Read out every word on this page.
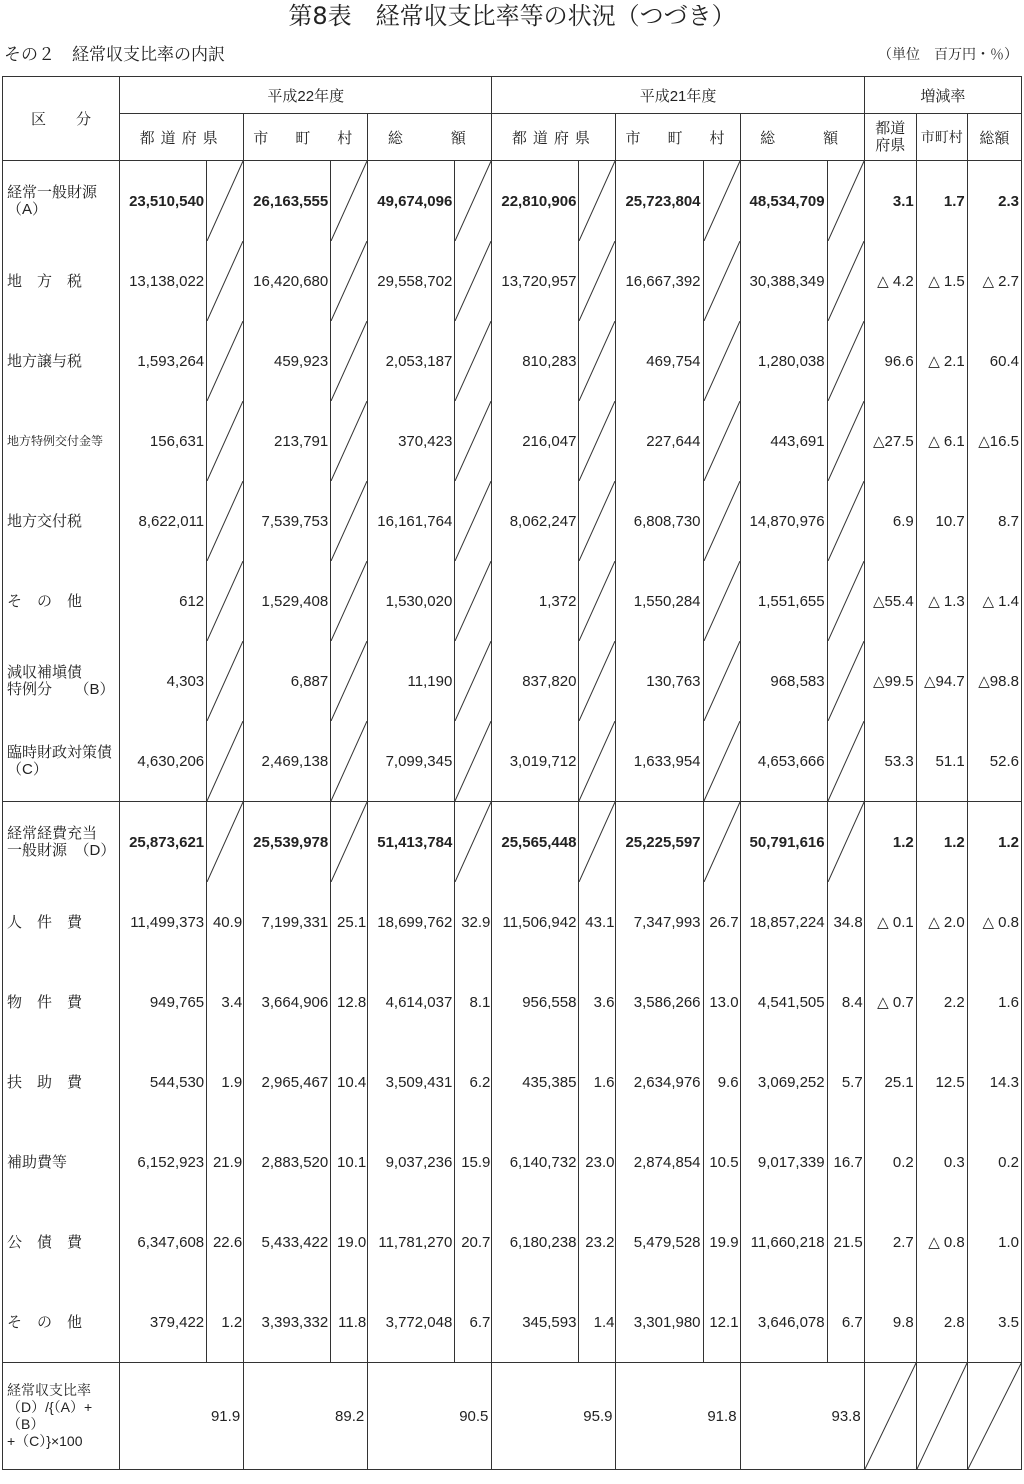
第8表　経常収支比率等の状況（つづき）
その２　経常収支比率の内訳	（単位　百万円・％）
区　　分	平成22年度						平成21年度						増減率		
	都道府県		市　町　村		総　　額		都道府県		市　町　村		総　　額		都道
府県	市町村	総額
経常一般財源（A）	23,510,540		26,163,555		49,674,096		22,810,906		25,723,804		48,534,709		3.1	1.7	2.3
地　方　税	13,138,022		16,420,680		29,558,702		13,720,957		16,667,392		30,388,349		△ 4.2	△ 1.5	△ 2.7
地方譲与税	1,593,264		459,923		2,053,187		810,283		469,754		1,280,038		96.6	△ 2.1	60.4
地方特例交付金等	156,631		213,791		370,423		216,047		227,644		443,691		△27.5	△ 6.1	△16.5
地方交付税	8,622,011		7,539,753		16,161,764		8,062,247		6,808,730		14,870,976		6.9	10.7	8.7
そ　の　他	612		1,529,408		1,530,020		1,372		1,550,284		1,551,655		△55.4	△ 1.3	△ 1.4
減収補塡債
特例分　　（B）	4,303		6,887		11,190		837,820		130,763		968,583		△99.5	△94.7	△98.8
臨時財政対策債（C）	4,630,206		2,469,138		7,099,345		3,019,712		1,633,954		4,653,666		53.3	51.1	52.6
経常経費充当
一般財源　（D）	25,873,621		25,539,978		51,413,784		25,565,448		25,225,597		50,791,616		1.2	1.2	1.2
人　件　費	11,499,373	40.9	7,199,331	25.1	18,699,762	32.9	11,506,942	43.1	7,347,993	26.7	18,857,224	34.8	△ 0.1	△ 2.0	△ 0.8
物　件　費	949,765	3.4	3,664,906	12.8	4,614,037	8.1	956,558	3.6	3,586,266	13.0	4,541,505	8.4	△ 0.7	2.2	1.6
扶　助　費	544,530	1.9	2,965,467	10.4	3,509,431	6.2	435,385	1.6	2,634,976	9.6	3,069,252	5.7	25.1	12.5	14.3
補助費等	6,152,923	21.9	2,883,520	10.1	9,037,236	15.9	6,140,732	23.0	2,874,854	10.5	9,017,339	16.7	0.2	0.3	0.2
公　債　費	6,347,608	22.6	5,433,422	19.0	11,781,270	20.7	6,180,238	23.2	5,479,528	19.9	11,660,218	21.5	2.7	△ 0.8	1.0
そ　の　他	379,422	1.2	3,393,332	11.8	3,772,048	6.7	345,593	1.4	3,301,980	12.1	3,646,078	6.7	9.8	2.8	3.5
経常収支比率
（D）/{（A）+（B）
+（C）}×100	91.9		89.2		90.5		95.9		91.8		93.8	
